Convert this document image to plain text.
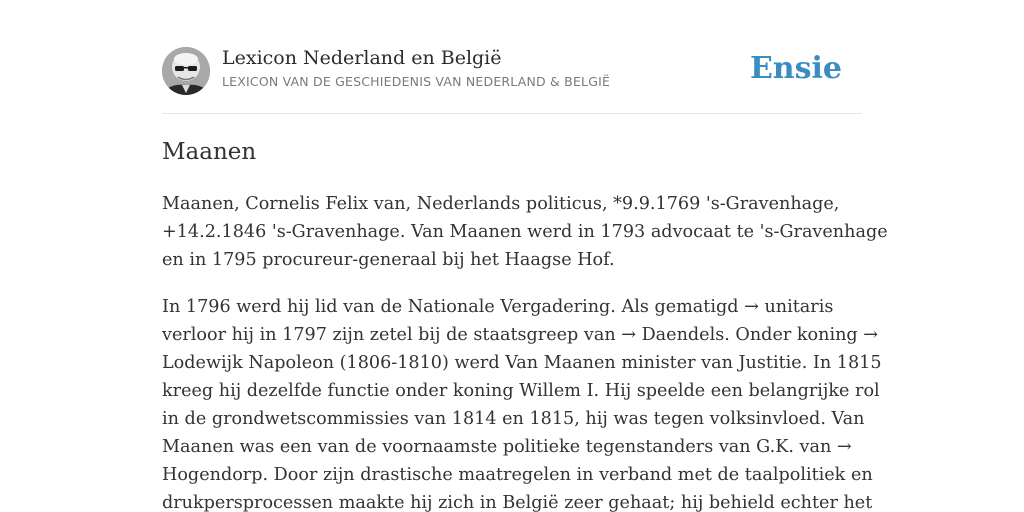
Lexicon Nederland en België
LEXICON VAN DE GESCHIEDENIS VAN NEDERLAND & BELGIË	Ensie
Maanen

Maanen, Cornelis Felix van, Nederlands politicus, *9.9.1769 's-Gravenhage,
+14.2.1846 's-Gravenhage. Van Maanen werd in 1793 advocaat te 's-Gravenhage
en in 1795 procureur-generaal bij het Haagse Hof.

In 1796 werd hij lid van de Nationale Vergadering. Als gematigd → unitaris
verloor hij in 1797 zijn zetel bij de staatsgreep van → Daendels. Onder koning →
Lodewijk Napoleon (1806-1810) werd Van Maanen minister van Justitie. In 1815
kreeg hij dezelfde functie onder koning Willem I. Hij speelde een belangrijke rol
in de grondwetscommissies van 1814 en 1815, hij was tegen volksinvloed. Van
Maanen was een van de voornaamste politieke tegenstanders van G.K. van →
Hogendorp. Door zijn drastische maatregelen in verband met de taalpolitiek en
drukpersprocessen maakte hij zich in België zeer gehaat; hij behield echter het
